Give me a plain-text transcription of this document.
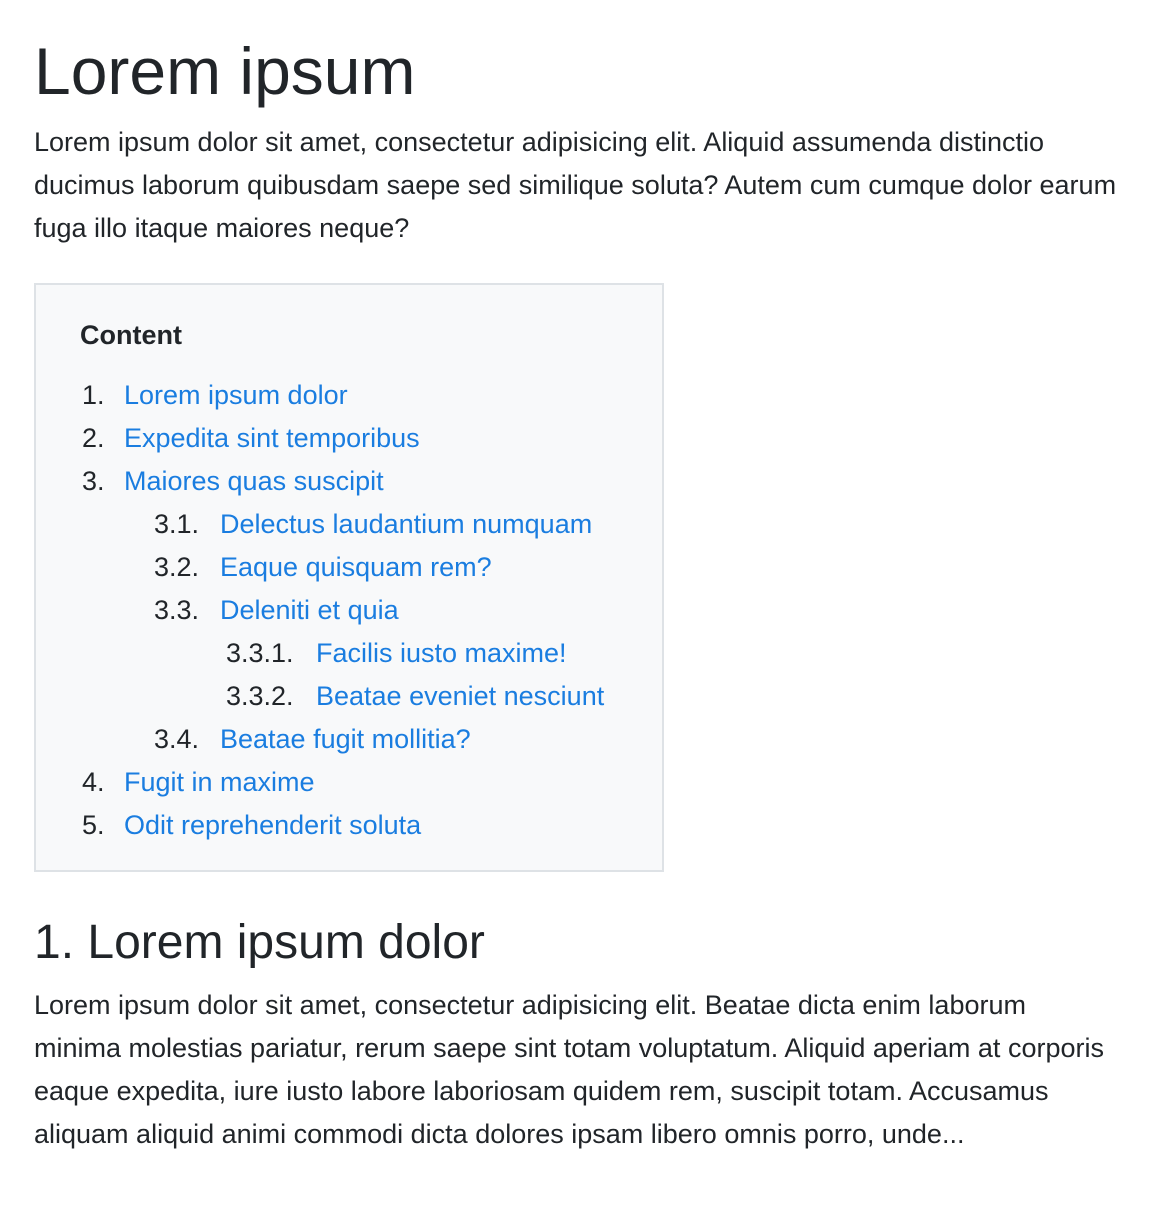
Lorem ipsum

Lorem ipsum dolor sit amet, consectetur adipisicing elit. Aliquid assumenda distinctio ducimus laborum quibusdam saepe sed similique soluta? Autem cum cumque dolor earum fuga illo itaque maiores neque?

Content
1. Lorem ipsum dolor
2. Expedita sint temporibus
3. Maiores quas suscipit
3.1. Delectus laudantium numquam
3.2. Eaque quisquam rem?
3.3. Deleniti et quia
3.3.1. Facilis iusto maxime!
3.3.2. Beatae eveniet nesciunt
3.4. Beatae fugit mollitia?
4. Fugit in maxime
5. Odit reprehenderit soluta
1. Lorem ipsum dolor

Lorem ipsum dolor sit amet, consectetur adipisicing elit. Beatae dicta enim laborum minima molestias pariatur, rerum saepe sint totam voluptatum. Aliquid aperiam at corporis eaque expedita, iure iusto labore laboriosam quidem rem, suscipit totam. Accusamus aliquam aliquid animi commodi dicta dolores ipsam libero omnis porro, unde...
